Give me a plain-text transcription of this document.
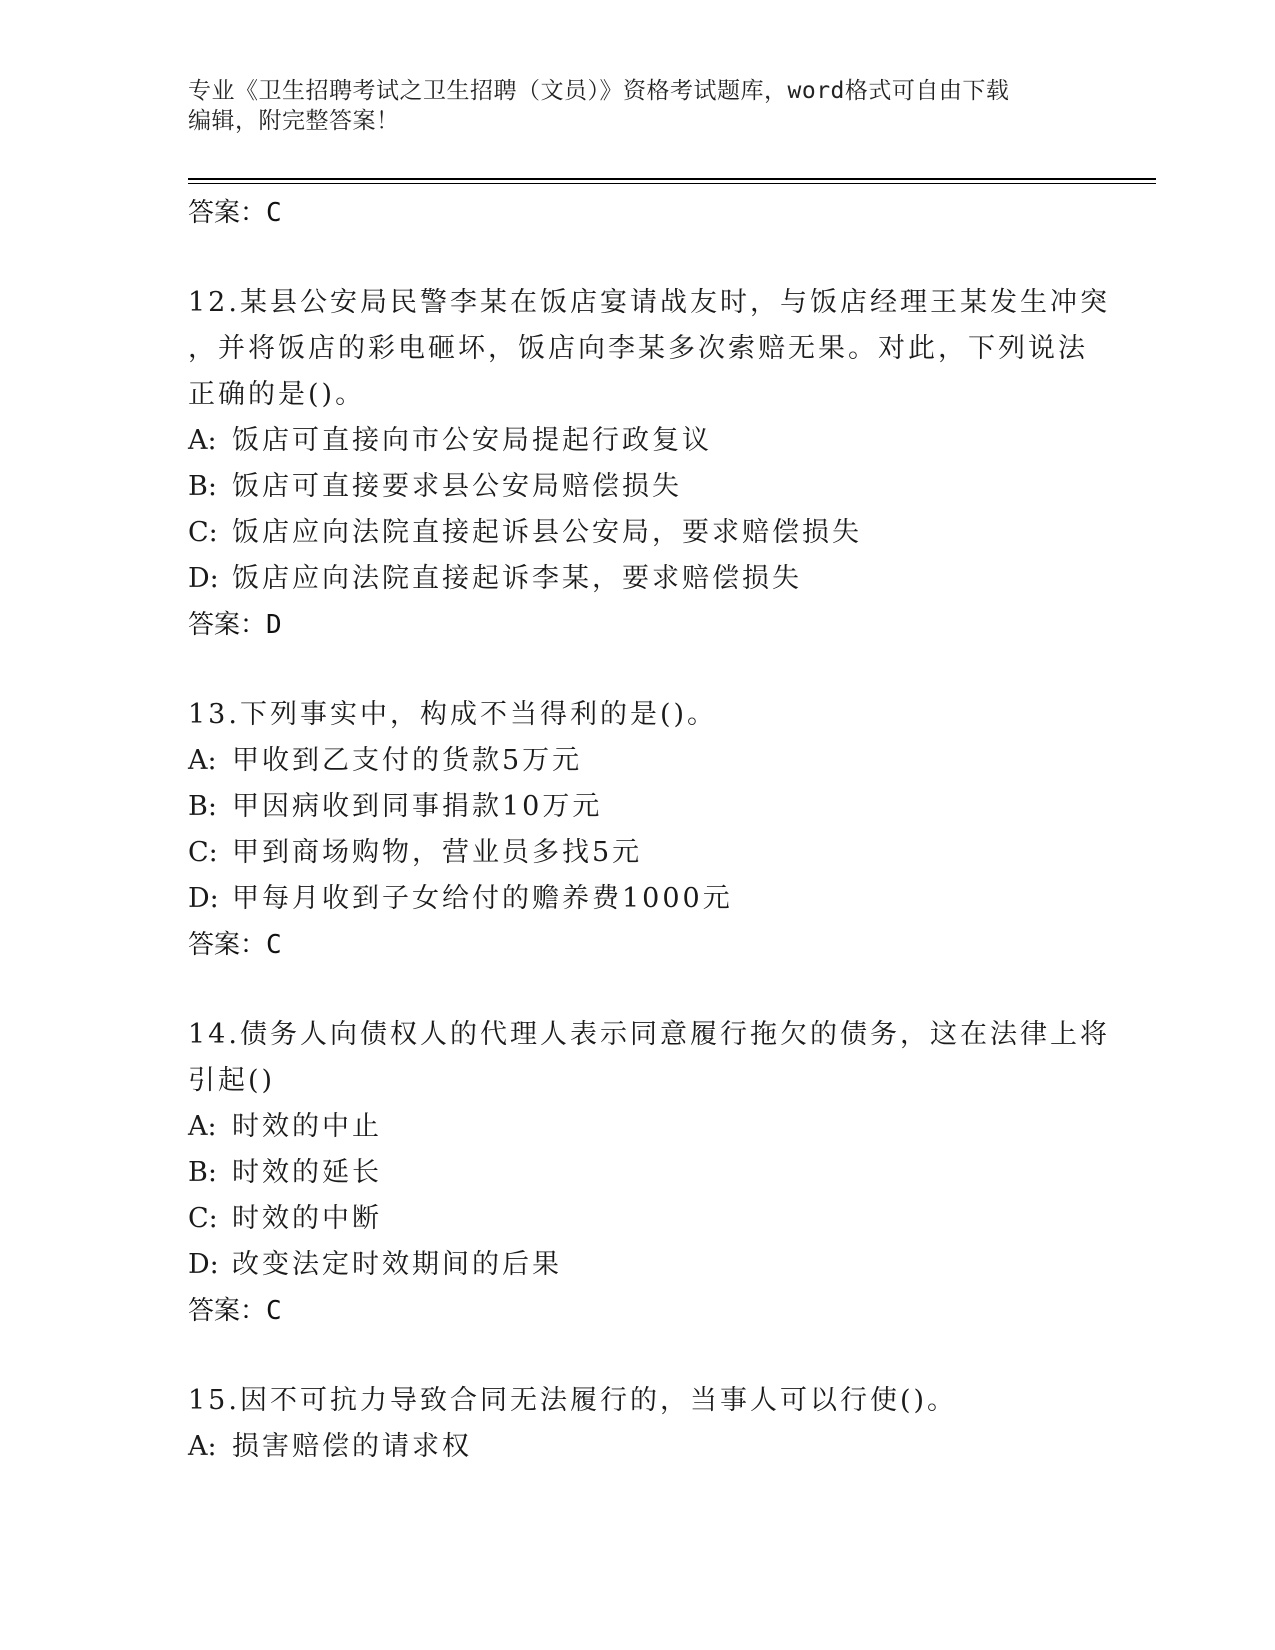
专业《卫生招聘考试之卫生招聘（文员）》资格考试题库，word格式可自由下载
编辑，附完整答案！
答案：C
12.某县公安局民警李某在饭店宴请战友时，与饭店经理王某发生冲突
，并将饭店的彩电砸坏，饭店向李某多次索赔无果。对此，下列说法
正确的是()。
A: 饭店可直接向市公安局提起行政复议
B: 饭店可直接要求县公安局赔偿损失
C: 饭店应向法院直接起诉县公安局，要求赔偿损失
D: 饭店应向法院直接起诉李某，要求赔偿损失
答案：D
13.下列事实中，构成不当得利的是()。
A: 甲收到乙支付的货款5万元
B: 甲因病收到同事捐款10万元
C: 甲到商场购物，营业员多找5元
D: 甲每月收到子女给付的赡养费1000元
答案：C
14.债务人向债权人的代理人表示同意履行拖欠的债务，这在法律上将
引起()
A: 时效的中止
B: 时效的延长
C: 时效的中断
D: 改变法定时效期间的后果
答案：C
15.因不可抗力导致合同无法履行的，当事人可以行使()。
A: 损害赔偿的请求权
